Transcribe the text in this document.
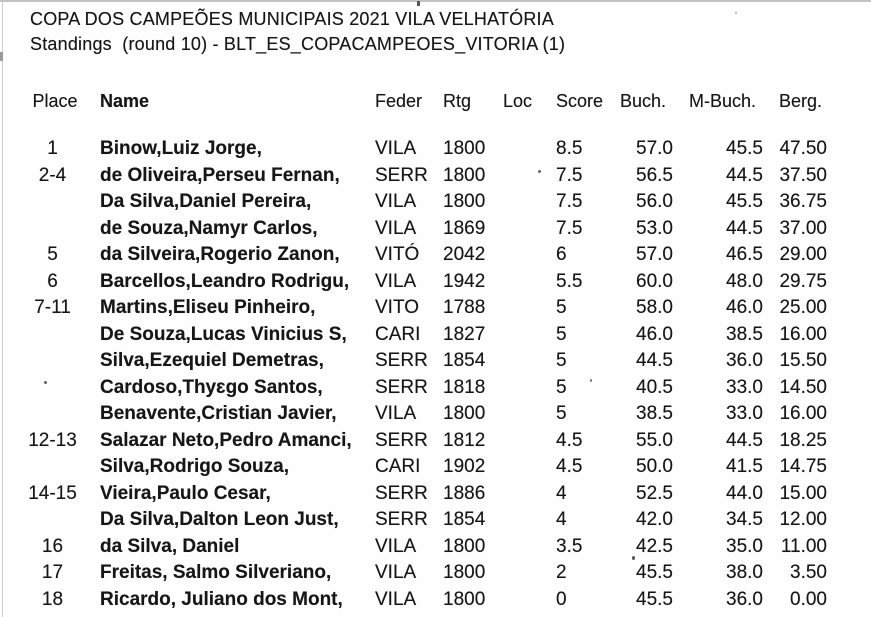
COPA DOS CAMPEÕES MUNICIPAIS 2021 VILA VELHATÓRIA
Standings  (round 10) - BLT_ES_COPACAMPEOES_VITORIA (1)
Place	Name	Feder	Rtg	Loc	Score	Buch.	M-Buch.	Berg.
1	Binow,Luiz Jorge,	VILA	1800		8.5	57.0	45.5	47.50
2-4	de Oliveira,Perseu Fernan,	SERR	1800		7.5	56.5	44.5	37.50
	Da Silva,Daniel Pereira,	VILA	1800		7.5	56.0	45.5	36.75
	de Souza,Namyr Carlos,	VILA	1869		7.5	53.0	44.5	37.00
5	da Silveira,Rogerio Zanon,	VITÓ	2042		6	57.0	46.5	29.00
6	Barcellos,Leandro Rodrigu,	VILA	1942		5.5	60.0	48.0	29.75
7-11	Martins,Eliseu Pinheiro,	VITO	1788		5	58.0	46.0	25.00
	De Souza,Lucas Vinicius S,	CARI	1827		5	46.0	38.5	16.00
	Silva,Ezequiel Demetras,	SERR	1854		5	44.5	36.0	15.50
	Cardoso,Thyɛgo Santos,	SERR	1818		5	40.5	33.0	14.50
	Benavente,Cristian Javier,	VILA	1800		5	38.5	33.0	16.00
12-13	Salazar Neto,Pedro Amanci,	SERR	1812		4.5	55.0	44.5	18.25
	Silva,Rodrigo Souza,	CARI	1902		4.5	50.0	41.5	14.75
14-15	Vieira,Paulo Cesar,	SERR	1886		4	52.5	44.0	15.00
	Da Silva,Dalton Leon Just,	SERR	1854		4	42.0	34.5	12.00
16	da Silva, Daniel	VILA	1800		3.5	42.5	35.0	11.00
17	Freitas, Salmo Silveriano,	VILA	1800		2	45.5	38.0	3.50
18	Ricardo, Juliano dos Mont,	VILA	1800		0	45.5	36.0	0.00
